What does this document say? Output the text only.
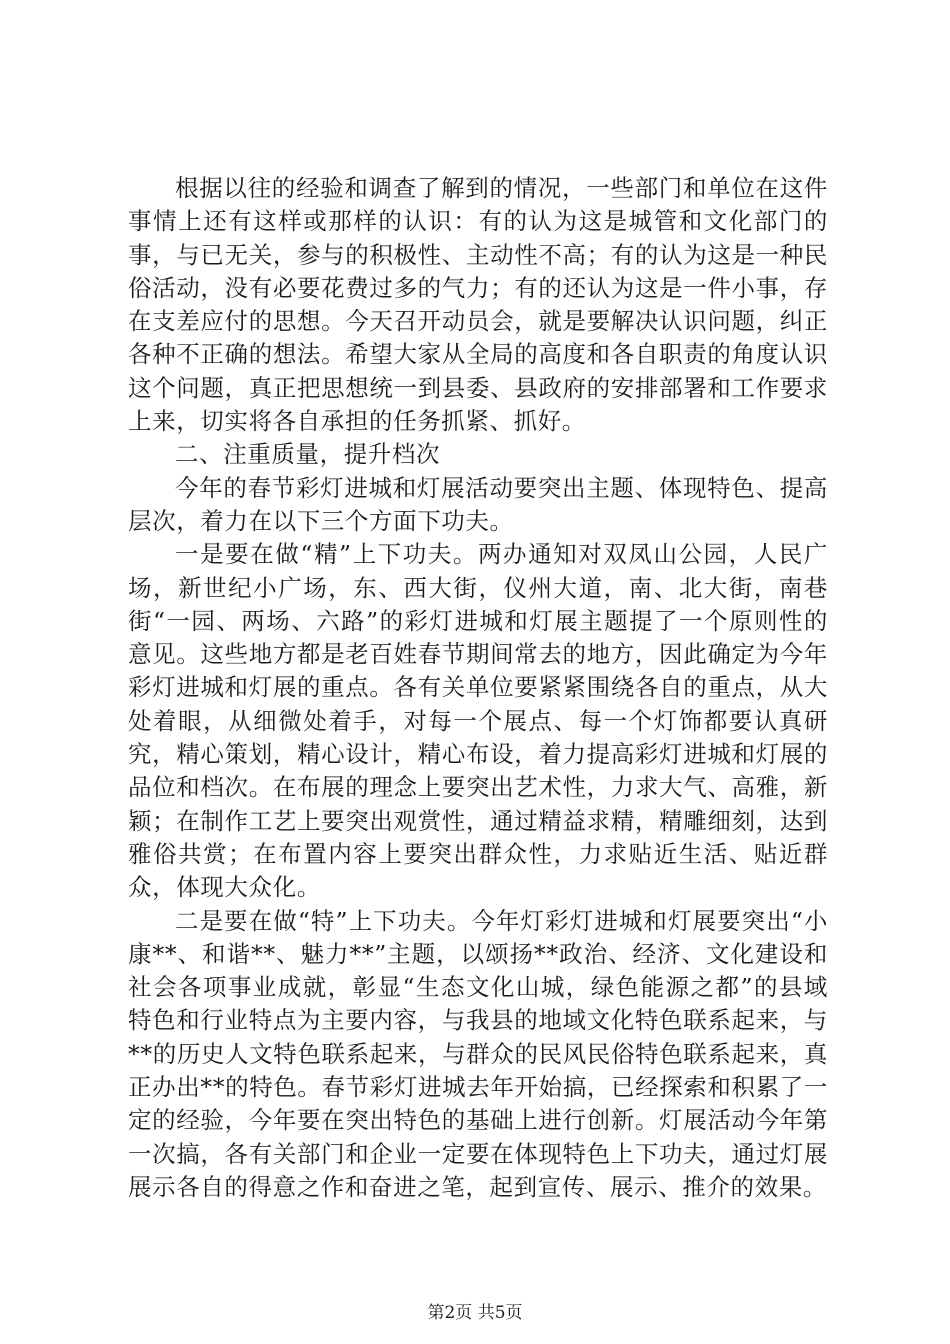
根据以往的经验和调查了解到的情况，一些部门和单位在这件事情上还有这样或那样的认识：有的认为这是城管和文化部门的事，与已无关，参与的积极性、主动性不高；有的认为这是一种民俗活动，没有必要花费过多的气力；有的还认为这是一件小事，存在支差应付的思想。今天召开动员会，就是要解决认识问题，纠正各种不正确的想法。希望大家从全局的高度和各自职责的角度认识这个问题，真正把思想统一到县委、县政府的安排部署和工作要求上来，切实将各自承担的任务抓紧、抓好。

二、注重质量，提升档次

今年的春节彩灯进城和灯展活动要突出主题、体现特色、提高层次，着力在以下三个方面下功夫。

一是要在做“精”上下功夫。两办通知对双凤山公园，人民广场，新世纪小广场，东、西大街，仪州大道，南、北大街，南巷街“一园、两场、六路”的彩灯进城和灯展主题提了一个原则性的意见。这些地方都是老百姓春节期间常去的地方，因此确定为今年彩灯进城和灯展的重点。各有关单位要紧紧围绕各自的重点，从大处着眼，从细微处着手，对每一个展点、每一个灯饰都要认真研究，精心策划，精心设计，精心布设，着力提高彩灯进城和灯展的品位和档次。在布展的理念上要突出艺术性，力求大气、高雅，新颖；在制作工艺上要突出观赏性，通过精益求精，精雕细刻，达到雅俗共赏；在布置内容上要突出群众性，力求贴近生活、贴近群众，体现大众化。

二是要在做“特”上下功夫。今年灯彩灯进城和灯展要突出“小康**、和谐**、魅力**”主题，以颂扬**政治、经济、文化建设和社会各项事业成就，彰显“生态文化山城，绿色能源之都”的县域特色和行业特点为主要内容，与我县的地域文化特色联系起来，与**的历史人文特色联系起来，与群众的民风民俗特色联系起来，真正办出**的特色。春节彩灯进城去年开始搞，已经探索和积累了一定的经验，今年要在突出特色的基础上进行创新。灯展活动今年第一次搞，各有关部门和企业一定要在体现特色上下功夫，通过灯展展示各自的得意之作和奋进之笔，起到宣传、展示、推介的效果。

第2页 共5页
